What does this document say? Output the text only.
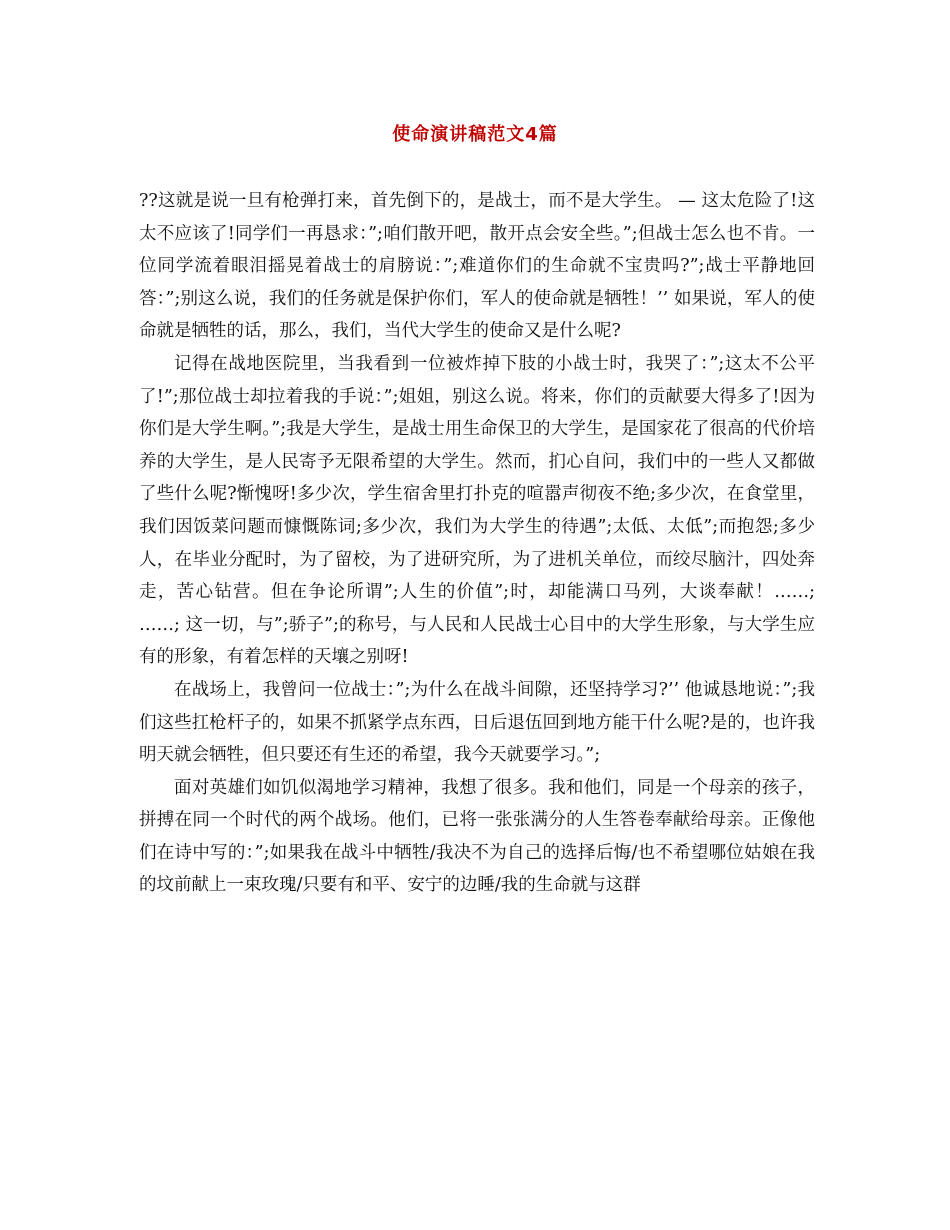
使命演讲稿范文4篇

??这就是说一旦有枪弹打来，首先倒下的，是战士，而不是大学生。 — 这太危险了!这太不应该了!同学们一再恳求：”;咱们散开吧，散开点会安全些。”;但战士怎么也不肯。一位同学流着眼泪摇晃着战士的肩膀说：”;难道你们的生命就不宝贵吗?”;战士平静地回答：”;别这么说，我们的任务就是保护你们，军人的使命就是牺牲！’’ 如果说，军人的使命就是牺牲的话，那么，我们，当代大学生的使命又是什么呢?

记得在战地医院里，当我看到一位被炸掉下肢的小战士时，我哭了：”;这太不公平了!”;那位战士却拉着我的手说：”;姐姐，别这么说。将来，你们的贡献要大得多了!因为你们是大学生啊。”;我是大学生，是战士用生命保卫的大学生，是国家花了很高的代价培养的大学生，是人民寄予无限希望的大学生。然而，扪心自问，我们中的一些人又都做了些什么呢?惭愧呀!多少次，学生宿舍里打扑克的喧嚣声彻夜不绝;多少次，在食堂里，我们因饭菜问题而慷慨陈词;多少次，我们为大学生的待遇”;太低、太低”;而抱怨;多少人，在毕业分配时，为了留校，为了进研究所，为了进机关单位，而绞尽脑汁，四处奔走，苦心钻营。但在争论所谓”;人生的价值”;时，却能满口马列，大谈奉献！……; ……; 这一切，与”;骄子”;的称号，与人民和人民战士心目中的大学生形象，与大学生应有的形象，有着怎样的天壤之别呀!

在战场上，我曾问一位战士：”;为什么在战斗间隙，还坚持学习?’’ 他诚恳地说：”;我们这些扛枪杆子的，如果不抓紧学点东西，日后退伍回到地方能干什么呢?是的，也许我明天就会牺牲，但只要还有生还的希望，我今天就要学习。”;

面对英雄们如饥似渴地学习精神，我想了很多。我和他们，同是一个母亲的孩子，拼搏在同一个时代的两个战场。他们，已将一张张满分的人生答卷奉献给母亲。正像他们在诗中写的：”;如果我在战斗中牺牲/我决不为自己的选择后悔/也不希望哪位姑娘在我的坟前献上一束玫瑰/只要有和平、安宁的边睡/我的生命就与这群
